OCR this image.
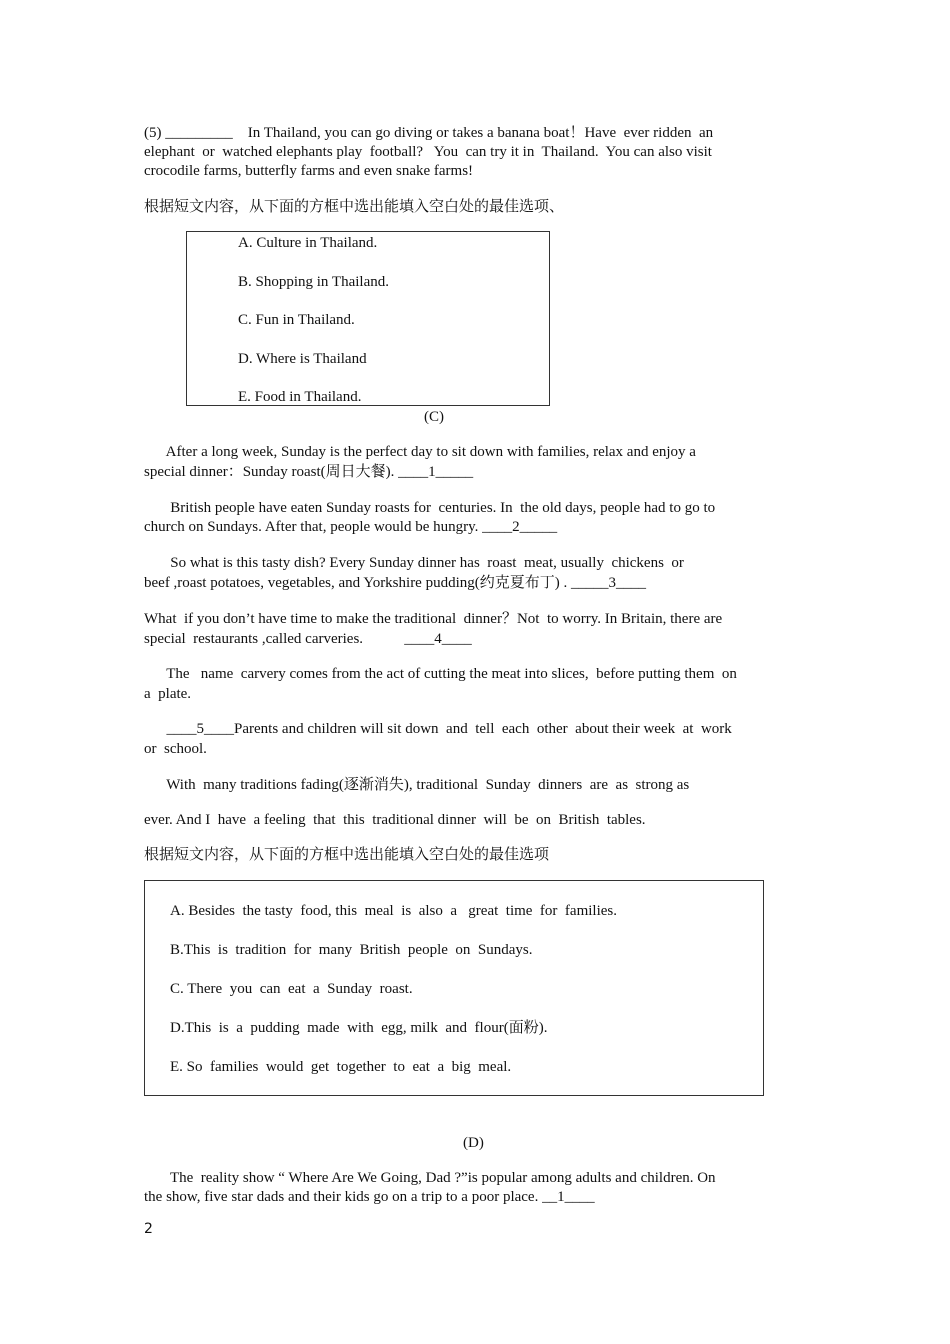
(5) _________    In Thailand, you can go diving or takes a banana boat！Have  ever ridden  an
elephant  or  watched elephants play  football?   You  can try it in  Thailand.  You can also visit
crocodile farms, butterfly farms and even snake farms!
根据短文内容，从下面的方框中选出能填入空白处的最佳选项、
A. Culture in Thailand.
B. Shopping in Thailand.
C. Fun in Thailand.
D. Where is Thailand
E. Food in Thailand.
(C)
After a long week, Sunday is the perfect day to sit down with families, relax and enjoy a
special dinner：Sunday roast(周日大餐). ____1_____
British people have eaten Sunday roasts for  centuries. In  the old days, people had to go to
church on Sundays. After that, people would be hungry. ____2_____
So what is this tasty dish? Every Sunday dinner has  roast  meat, usually  chickens  or
beef ,roast potatoes, vegetables, and Yorkshire pudding(约克夏布丁) . _____3____
What  if you don’t have time to make the traditional  dinner？Not  to worry. In Britain, there are
special  restaurants ,called carveries.           ____4____
The   name  carvery comes from the act of cutting the meat into slices,  before putting them  on
a  plate.
____5____Parents and children will sit down  and  tell  each  other  about their week  at  work
or  school.
With  many traditions fading(逐渐消失), traditional  Sunday  dinners  are  as  strong as
ever. And I  have  a feeling  that  this  traditional dinner  will  be  on  British  tables.
根据短文内容，从下面的方框中选出能填入空白处的最佳选项
A. Besides  the tasty  food, this  meal  is  also  a   great  time  for  families.
B.This  is  tradition  for  many  British  people  on  Sundays.
C. There  you  can  eat  a  Sunday  roast.
D.This  is  a  pudding  made  with  egg, milk  and  flour(面粉).
E. So  families  would  get  together  to  eat  a  big  meal.
(D)
The  reality show “ Where Are We Going, Dad ?”is popular among adults and children. On
the show, five star dads and their kids go on a trip to a poor place. __1____
2
